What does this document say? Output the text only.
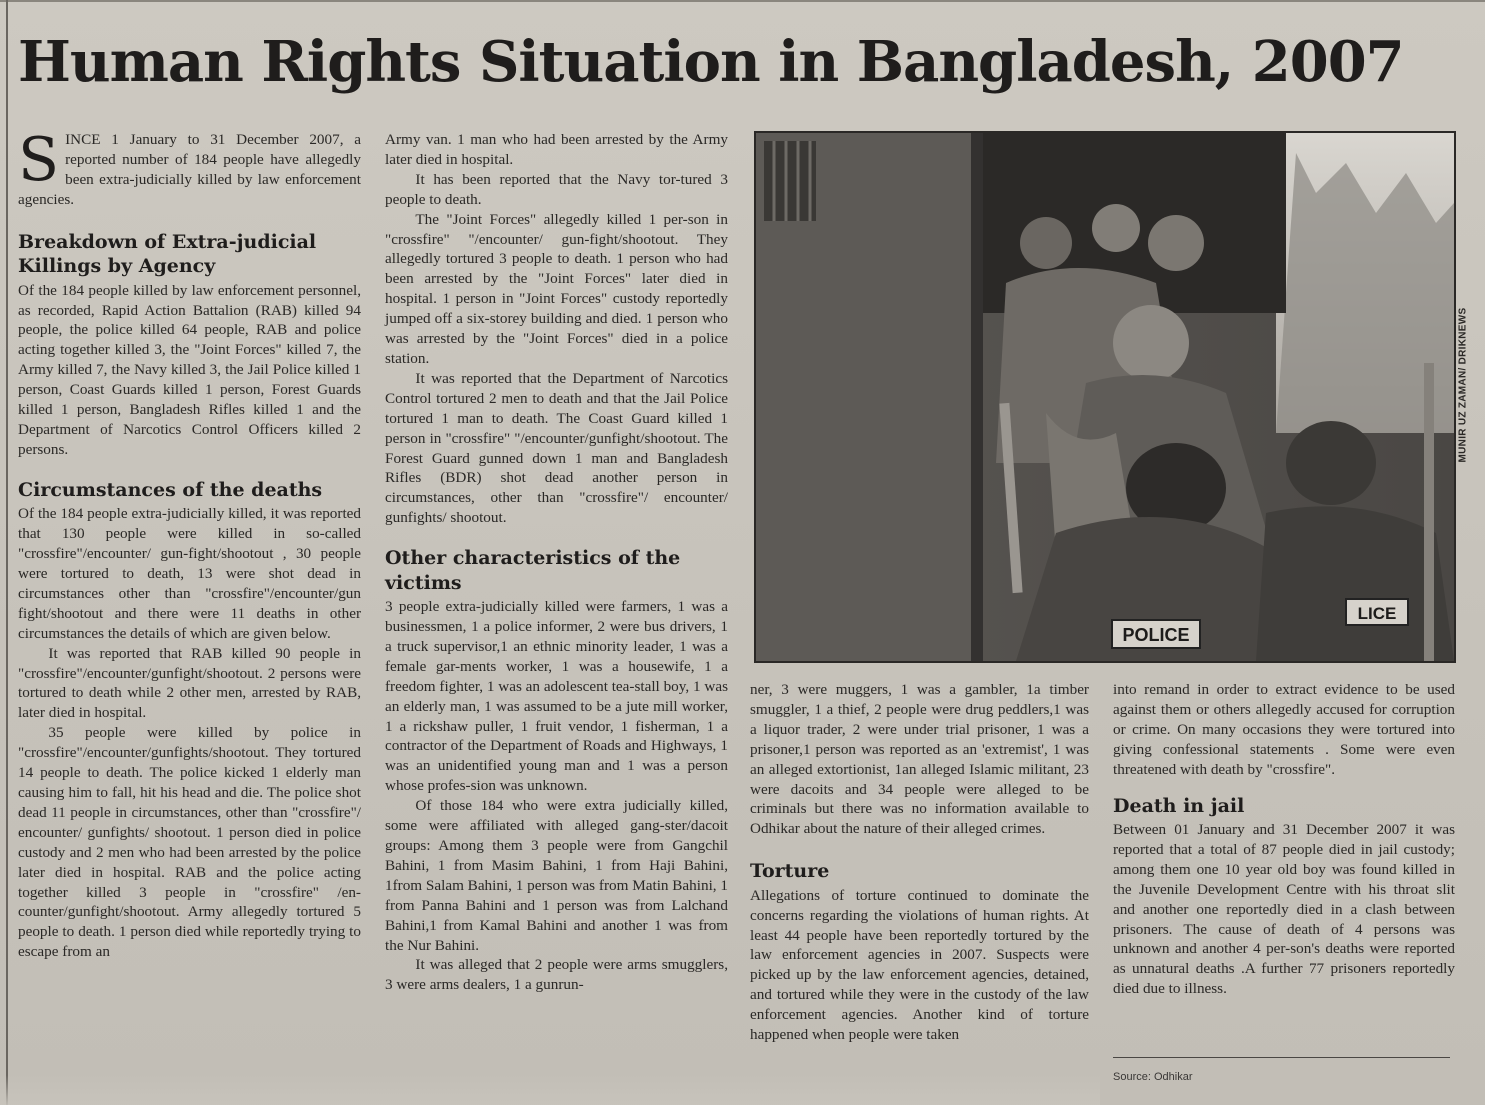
Human Rights Situation in Bangladesh, 2007

SINCE 1 January to 31 December 2007, a reported number of 184 people have allegedly been extra-judicially killed by law enforcement agencies.

Breakdown of Extra-judicial Killings by Agency

Of the 184 people killed by law enforcement personnel, as recorded, Rapid Action Battalion (RAB) killed 94 people, the police killed 64 people, RAB and police acting together killed 3, the "Joint Forces" killed 7, the Army killed 7, the Navy killed 3, the Jail Police killed 1 person, Coast Guards killed 1 person, Forest Guards killed 1 person, Bangladesh Rifles killed 1 and the Department of Narcotics Control Officers killed 2 persons.

Circumstances of the deaths

Of the 184 people extra-judicially killed, it was reported that 130 people were killed in so-called "crossfire"/encounter/ gun-fight/shootout , 30 people were tortured to death, 13 were shot dead in circumstances other than "crossfire"/encounter/gun fight/shootout and there were 11 deaths in other circumstances the details of which are given below.

It was reported that RAB killed 90 people in "crossfire"/encounter/gunfight/shootout. 2 persons were tortured to death while 2 other men, arrested by RAB, later died in hospital.

35 people were killed by police in "crossfire"/encounter/gunfights/shootout. They tortured 14 people to death. The police kicked 1 elderly man causing him to fall, hit his head and die. The police shot dead 11 people in circumstances, other than "crossfire"/ encounter/ gunfights/ shootout. 1 person died in police custody and 2 men who had been arrested by the police later died in hospital. RAB and the police acting together killed 3 people in "crossfire" /en-counter/gunfight/shootout. Army allegedly tortured 5 people to death. 1 person died while reportedly trying to escape from an

Army van. 1 man who had been arrested by the Army later died in hospital.

It has been reported that the Navy tor-tured 3 people to death.

The "Joint Forces" allegedly killed 1 per-son in "crossfire" "/encounter/ gun-fight/shootout. They allegedly tortured 3 people to death. 1 person who had been arrested by the "Joint Forces" later died in hospital. 1 person in "Joint Forces" custody reportedly jumped off a six-storey building and died. 1 person who was arrested by the "Joint Forces" died in a police station.

It was reported that the Department of Narcotics Control tortured 2 men to death and that the Jail Police tortured 1 man to death. The Coast Guard killed 1 person in "crossfire" "/encounter/gunfight/shootout. The Forest Guard gunned down 1 man and Bangladesh Rifles (BDR) shot dead another person in circumstances, other than "crossfire"/ encounter/ gunfights/ shootout.

Other characteristics of the victims

3 people extra-judicially killed were farmers, 1 was a businessmen, 1 a police informer, 2 were bus drivers, 1 a truck supervisor,1 an ethnic minority leader, 1 was a female gar-ments worker, 1 was a housewife, 1 a freedom fighter, 1 was an adolescent tea-stall boy, 1 was an elderly man, 1 was assumed to be a jute mill worker, 1 a rickshaw puller, 1 fruit vendor, 1 fisherman, 1 a contractor of the Department of Roads and Highways, 1 was an unidentified young man and 1 was a person whose profes-sion was unknown.

Of those 184 who were extra judicially killed, some were affiliated with alleged gang-ster/dacoit groups: Among them 3 people were from Gangchil Bahini, 1 from Masim Bahini, 1 from Haji Bahini, 1from Salam Bahini, 1 person was from Matin Bahini, 1 from Panna Bahini and 1 person was from Lalchand Bahini,1 from Kamal Bahini and another 1 was from the Nur Bahini.

It was alleged that 2 people were arms smugglers, 3 were arms dealers, 1 a gunrun-

POLICE
LICE
MUNIR UZ ZAMAN/ DRIKNEWS

ner, 3 were muggers, 1 was a gambler, 1a timber smuggler, 1 a thief, 2 people were drug peddlers,1 was a liquor trader, 2 were under trial prisoner, 1 was a prisoner,1 person was reported as an 'extremist', 1 was an alleged extortionist, 1an alleged Islamic militant, 23 were dacoits and 34 people were alleged to be criminals but there was no information available to Odhikar about the nature of their alleged crimes.

Torture

Allegations of torture continued to dominate the concerns regarding the violations of human rights. At least 44 people have been reportedly tortured by the law enforcement agencies in 2007. Suspects were picked up by the law enforcement agencies, detained, and tortured while they were in the custody of the law enforcement agencies. Another kind of torture happened when people were taken

into remand in order to extract evidence to be used against them or others allegedly accused for corruption or crime. On many occasions they were tortured into giving confessional statements . Some were even threatened with death by "crossfire".

Death in jail

Between 01 January and 31 December 2007 it was reported that a total of 87 people died in jail custody; among them one 10 year old boy was found killed in the Juvenile Development Centre with his throat slit and another one reportedly died in a clash between prisoners. The cause of death of 4 persons was unknown and another 4 per-son's deaths were reported as unnatural deaths .A further 77 prisoners reportedly died due to illness.

Source: Odhikar
